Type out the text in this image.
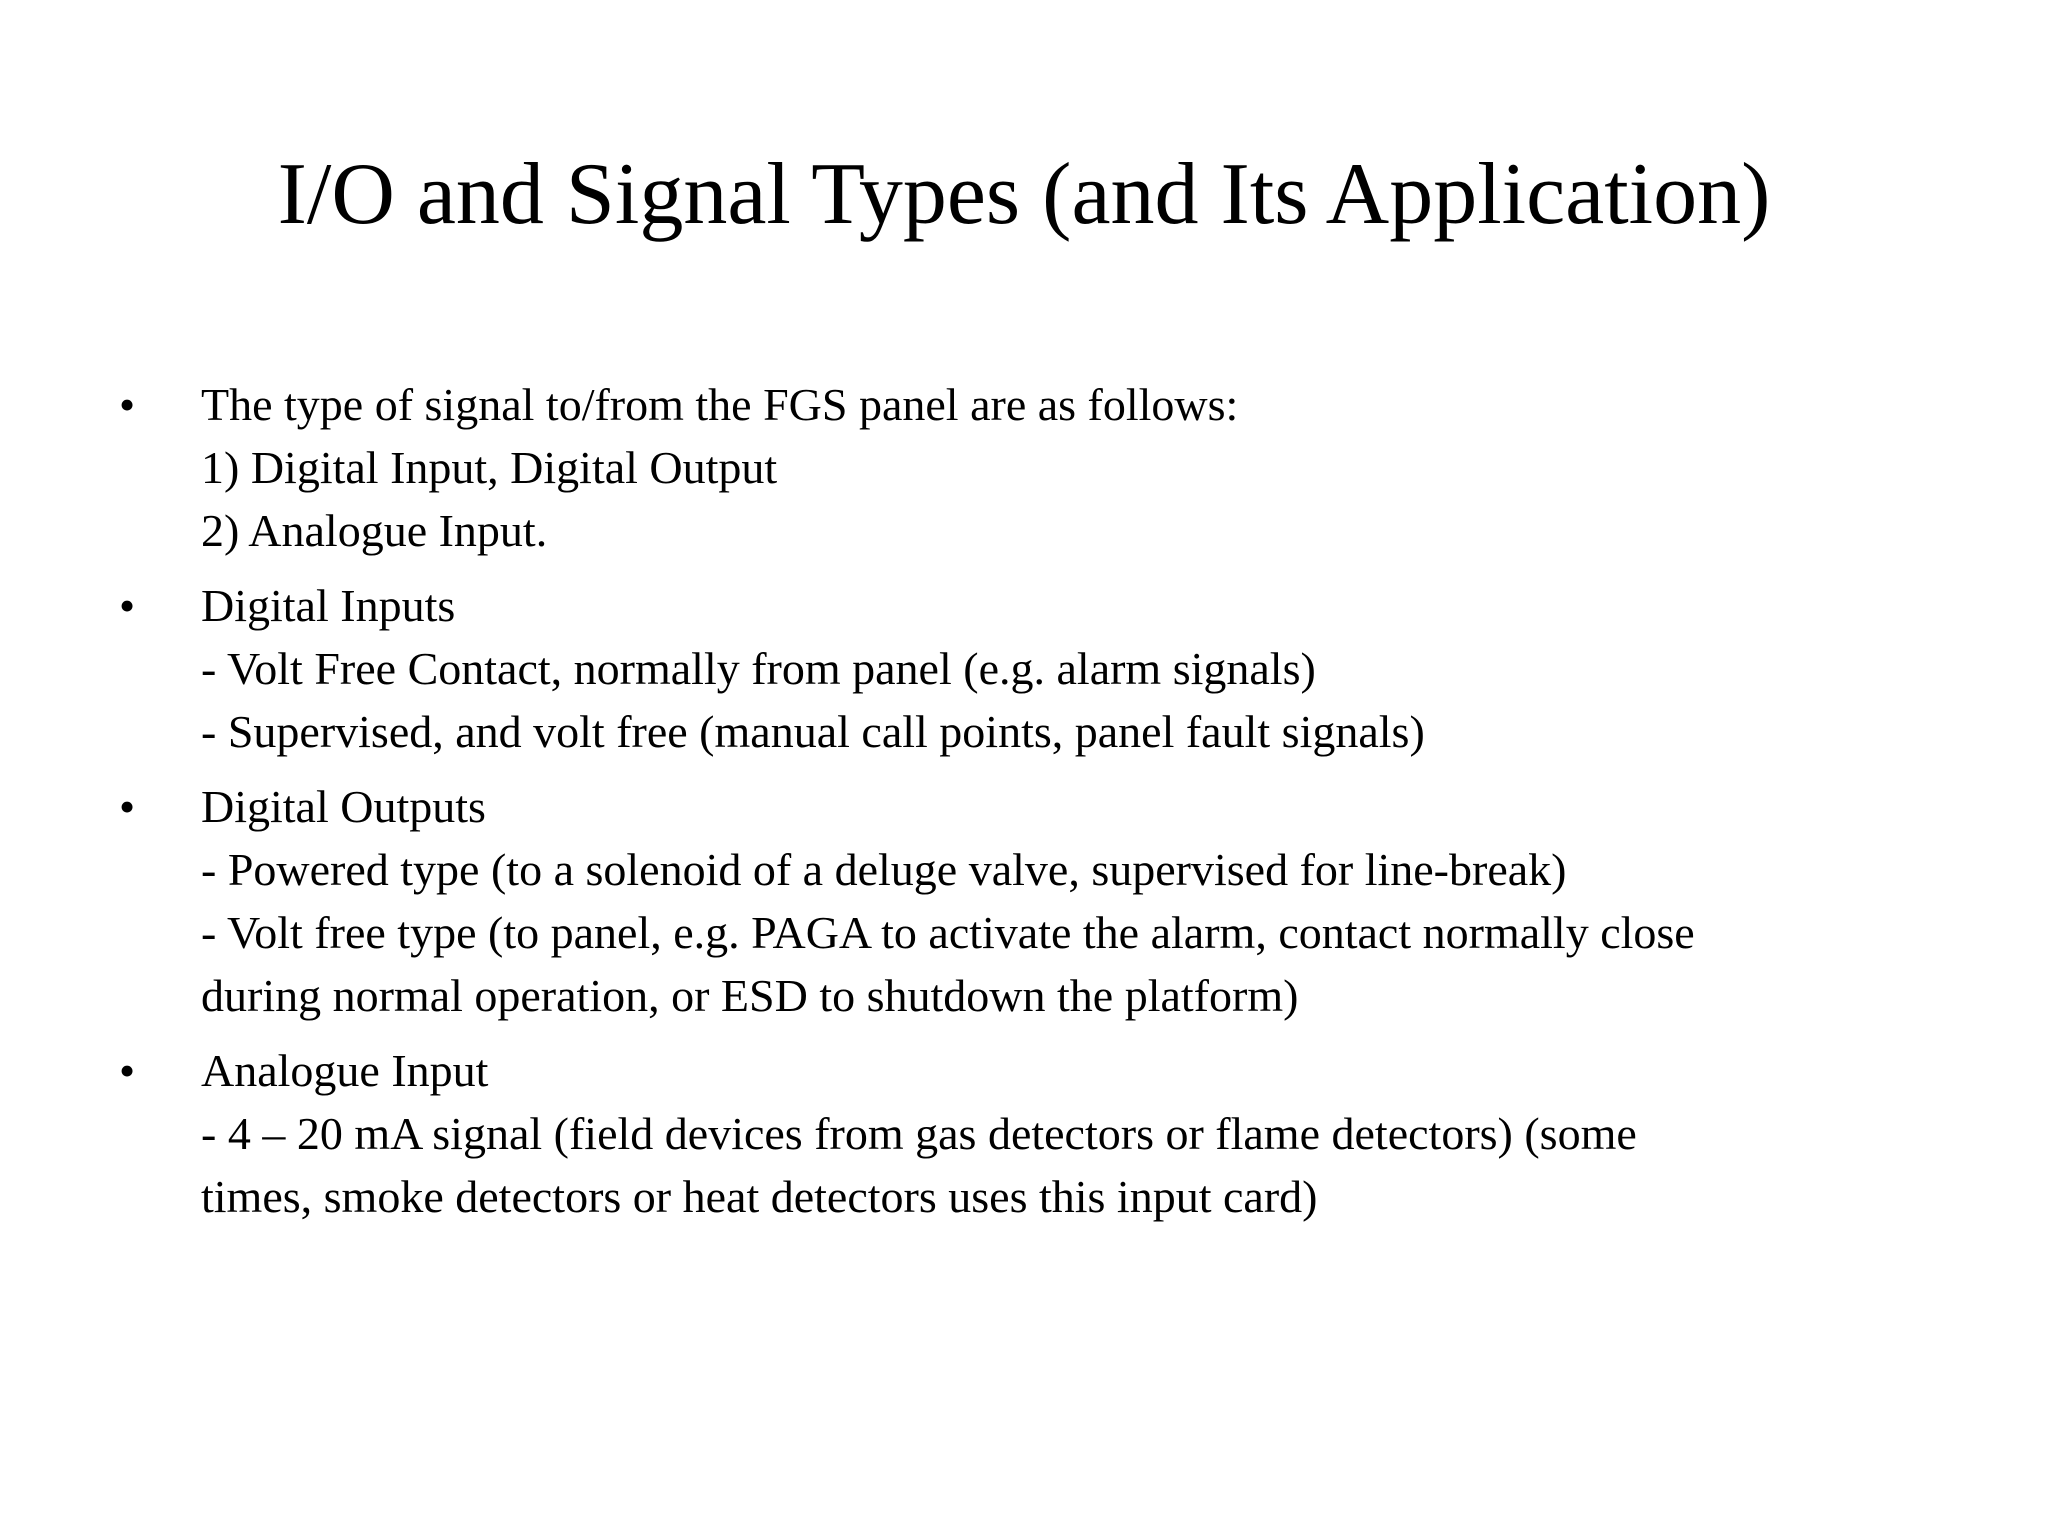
I/O and Signal Types (and Its Application)
• The type of signal to/from the FGS panel are as follows:
1) Digital Input, Digital Output
2) Analogue Input.
• Digital Inputs
- Volt Free Contact, normally from panel (e.g. alarm signals)
- Supervised, and volt free (manual call points, panel fault signals)
• Digital Outputs
- Powered type (to a solenoid of a deluge valve, supervised for line-break)
- Volt free type (to panel, e.g. PAGA to activate the alarm, contact normally close
during normal operation, or ESD to shutdown the platform)
• Analogue Input
- 4 – 20 mA signal (field devices from gas detectors or flame detectors) (some
times, smoke detectors or heat detectors uses this input card)
